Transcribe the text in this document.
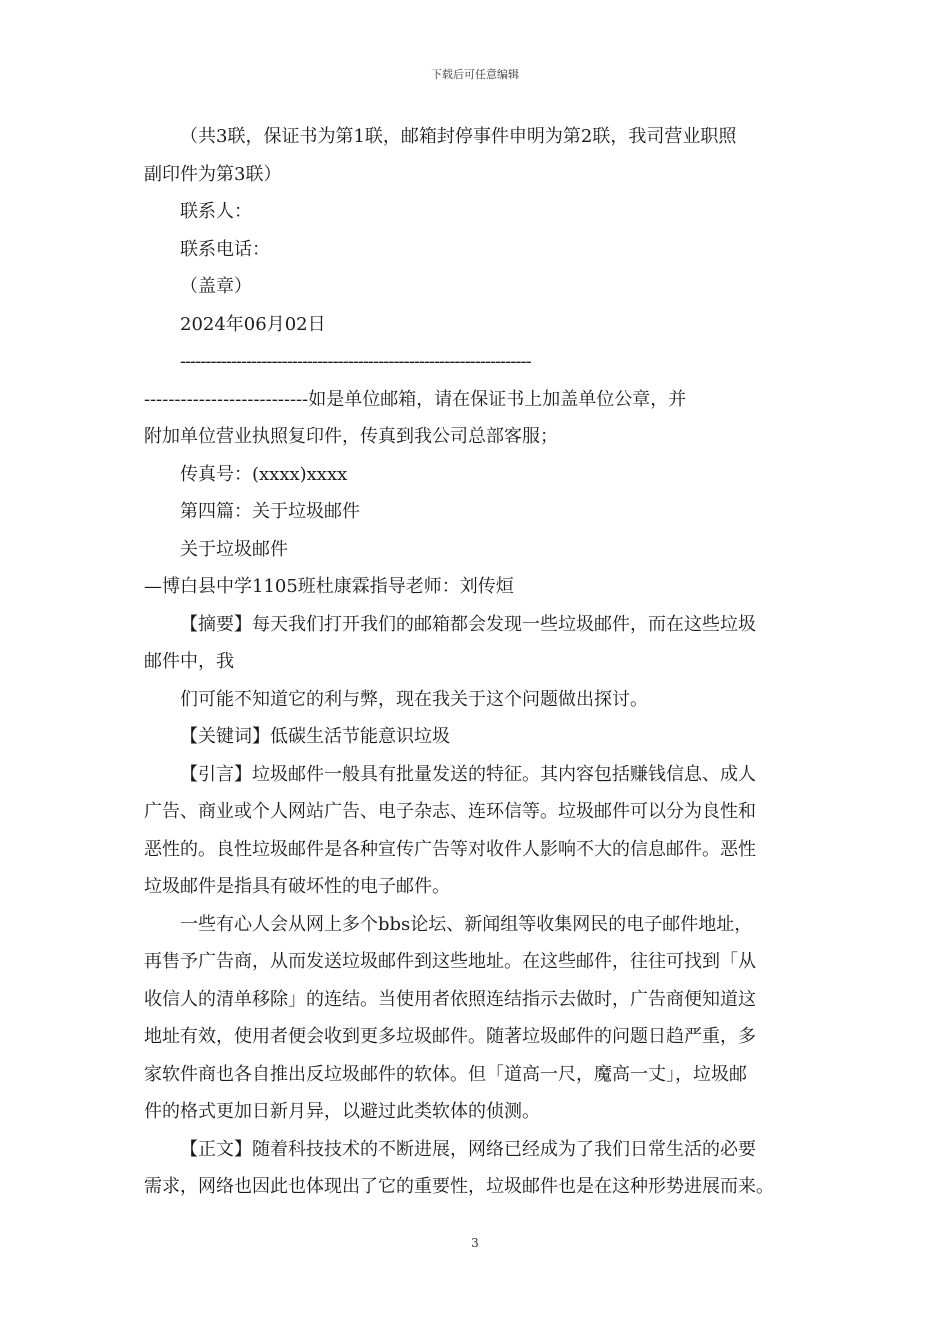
下载后可任意编辑

（共3联，保证书为第1联，邮箱封停事件申明为第2联，我司营业职照

副印件为第3联）

联系人：

联系电话：

（盖章）

2024年06月02日

---------------------------------------------------------------------

---------------------------如是单位邮箱，请在保证书上加盖单位公章，并

附加单位营业执照复印件，传真到我公司总部客服；

传真号：(xxxx)xxxx

第四篇：关于垃圾邮件

关于垃圾邮件

—博白县中学1105班杜康霖指导老师：刘传烜

【摘要】每天我们打开我们的邮箱都会发现一些垃圾邮件，而在这些垃圾

邮件中，我

们可能不知道它的利与弊，现在我关于这个问题做出探讨。

【关键词】低碳生活节能意识垃圾

【引言】垃圾邮件一般具有批量发送的特征。其内容包括赚钱信息、成人

广告、商业或个人网站广告、电子杂志、连环信等。垃圾邮件可以分为良性和

恶性的。良性垃圾邮件是各种宣传广告等对收件人影响不大的信息邮件。恶性

垃圾邮件是指具有破坏性的电子邮件。

一些有心人会从网上多个bbs论坛、新闻组等收集网民的电子邮件地址，

再售予广告商，从而发送垃圾邮件到这些地址。在这些邮件，往往可找到「从

收信人的清单移除」的连结。当使用者依照连结指示去做时，广告商便知道这

地址有效，使用者便会收到更多垃圾邮件。随著垃圾邮件的问题日趋严重，多

家软件商也各自推出反垃圾邮件的软体。但「道高一尺，魔高一丈」，垃圾邮

件的格式更加日新月异，以避过此类软体的侦测。

【正文】随着科技技术的不断进展，网络已经成为了我们日常生活的必要

需求，网络也因此也体现出了它的重要性，垃圾邮件也是在这种形势进展而来。

3
